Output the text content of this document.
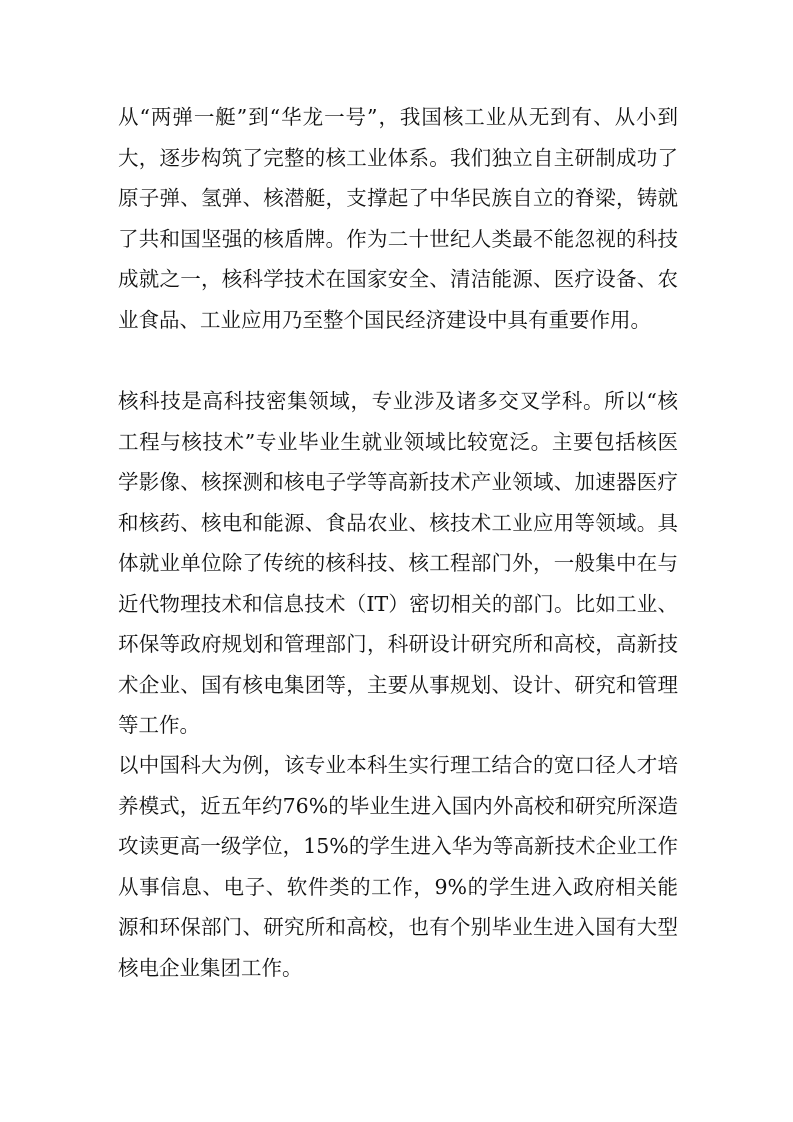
从“两弹一艇”到“华龙一号”，我国核工业从无到有、从小到大，逐步构筑了完整的核工业体系。我们独立自主研制成功了原子弹、氢弹、核潜艇，支撑起了中华民族自立的脊梁，铸就了共和国坚强的核盾牌。作为二十世纪人类最不能忽视的科技成就之一，核科学技术在国家安全、清洁能源、医疗设备、农业食品、工业应用乃至整个国民经济建设中具有重要作用。

核科技是高科技密集领域，专业涉及诸多交叉学科。所以“核工程与核技术”专业毕业生就业领域比较宽泛。主要包括核医学影像、核探测和核电子学等高新技术产业领域、加速器医疗和核药、核电和能源、食品农业、核技术工业应用等领域。具体就业单位除了传统的核科技、核工程部门外，一般集中在与近代物理技术和信息技术（IT）密切相关的部门。比如工业、环保等政府规划和管理部门，科研设计研究所和高校，高新技术企业、国有核电集团等，主要从事规划、设计、研究和管理等工作。

以中国科大为例，该专业本科生实行理工结合的宽口径人才培养模式，近五年约76%的毕业生进入国内外高校和研究所深造攻读更高一级学位，15%的学生进入华为等高新技术企业工作从事信息、电子、软件类的工作，9%的学生进入政府相关能源和环保部门、研究所和高校，也有个别毕业生进入国有大型核电企业集团工作。
